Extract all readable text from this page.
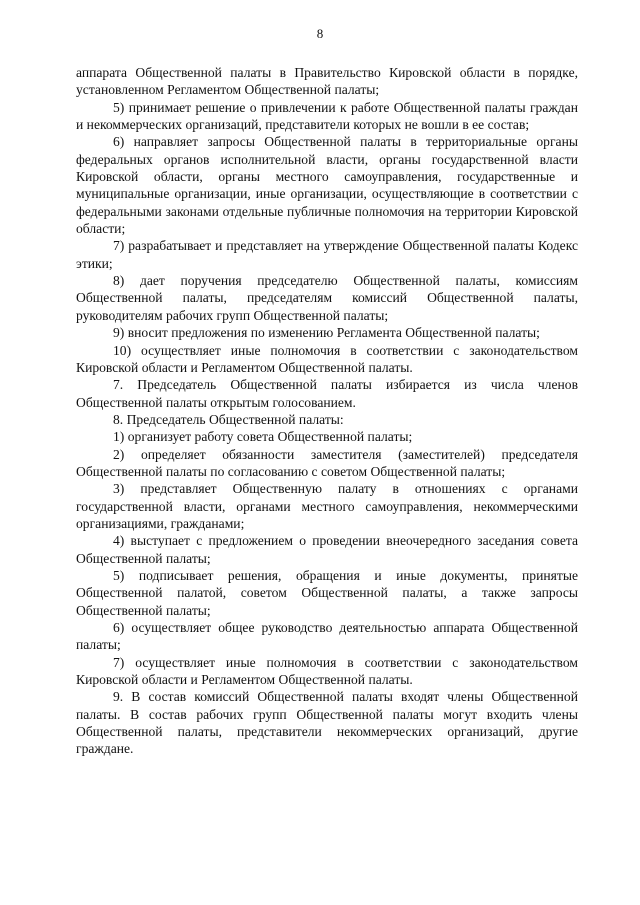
8

аппарата Общественной палаты в Правительство Кировской области в порядке, установленном Регламентом Общественной палаты;

5) принимает решение о привлечении к работе Общественной палаты граждан и некоммерческих организаций, представители которых не вошли в ее состав;

6) направляет запросы Общественной палаты в территориальные органы федеральных органов исполнительной власти, органы государственной власти Кировской области, органы местного самоуправления, государственные и муниципальные организации, иные организации, осуществляющие в соответствии с федеральными законами отдельные публичные полномочия на территории Кировской области;

7) разрабатывает и представляет на утверждение Общественной палаты Кодекс этики;

8) дает поручения председателю Общественной палаты, комиссиям Общественной палаты, председателям комиссий Общественной палаты, руководителям рабочих групп Общественной палаты;

9) вносит предложения по изменению Регламента Общественной палаты;

10) осуществляет иные полномочия в соответствии с законодательством Кировской области и Регламентом Общественной палаты.

7. Председатель Общественной палаты избирается из числа членов Общественной палаты открытым голосованием.

8. Председатель Общественной палаты:

1) организует работу совета Общественной палаты;

2) определяет обязанности заместителя (заместителей) председателя Общественной палаты по согласованию с советом Общественной палаты;

3) представляет Общественную палату в отношениях с органами государственной власти, органами местного самоуправления, некоммерческими организациями, гражданами;

4) выступает с предложением о проведении внеочередного заседания совета Общественной палаты;

5) подписывает решения, обращения и иные документы, принятые Общественной палатой, советом Общественной палаты, а также запросы Общественной палаты;

6) осуществляет общее руководство деятельностью аппарата Общественной палаты;

7) осуществляет иные полномочия в соответствии с законодательством Кировской области и Регламентом Общественной палаты.

9. В состав комиссий Общественной палаты входят члены Общественной палаты. В состав рабочих групп Общественной палаты могут входить члены Общественной палаты, представители некоммерческих организаций, другие граждане.
